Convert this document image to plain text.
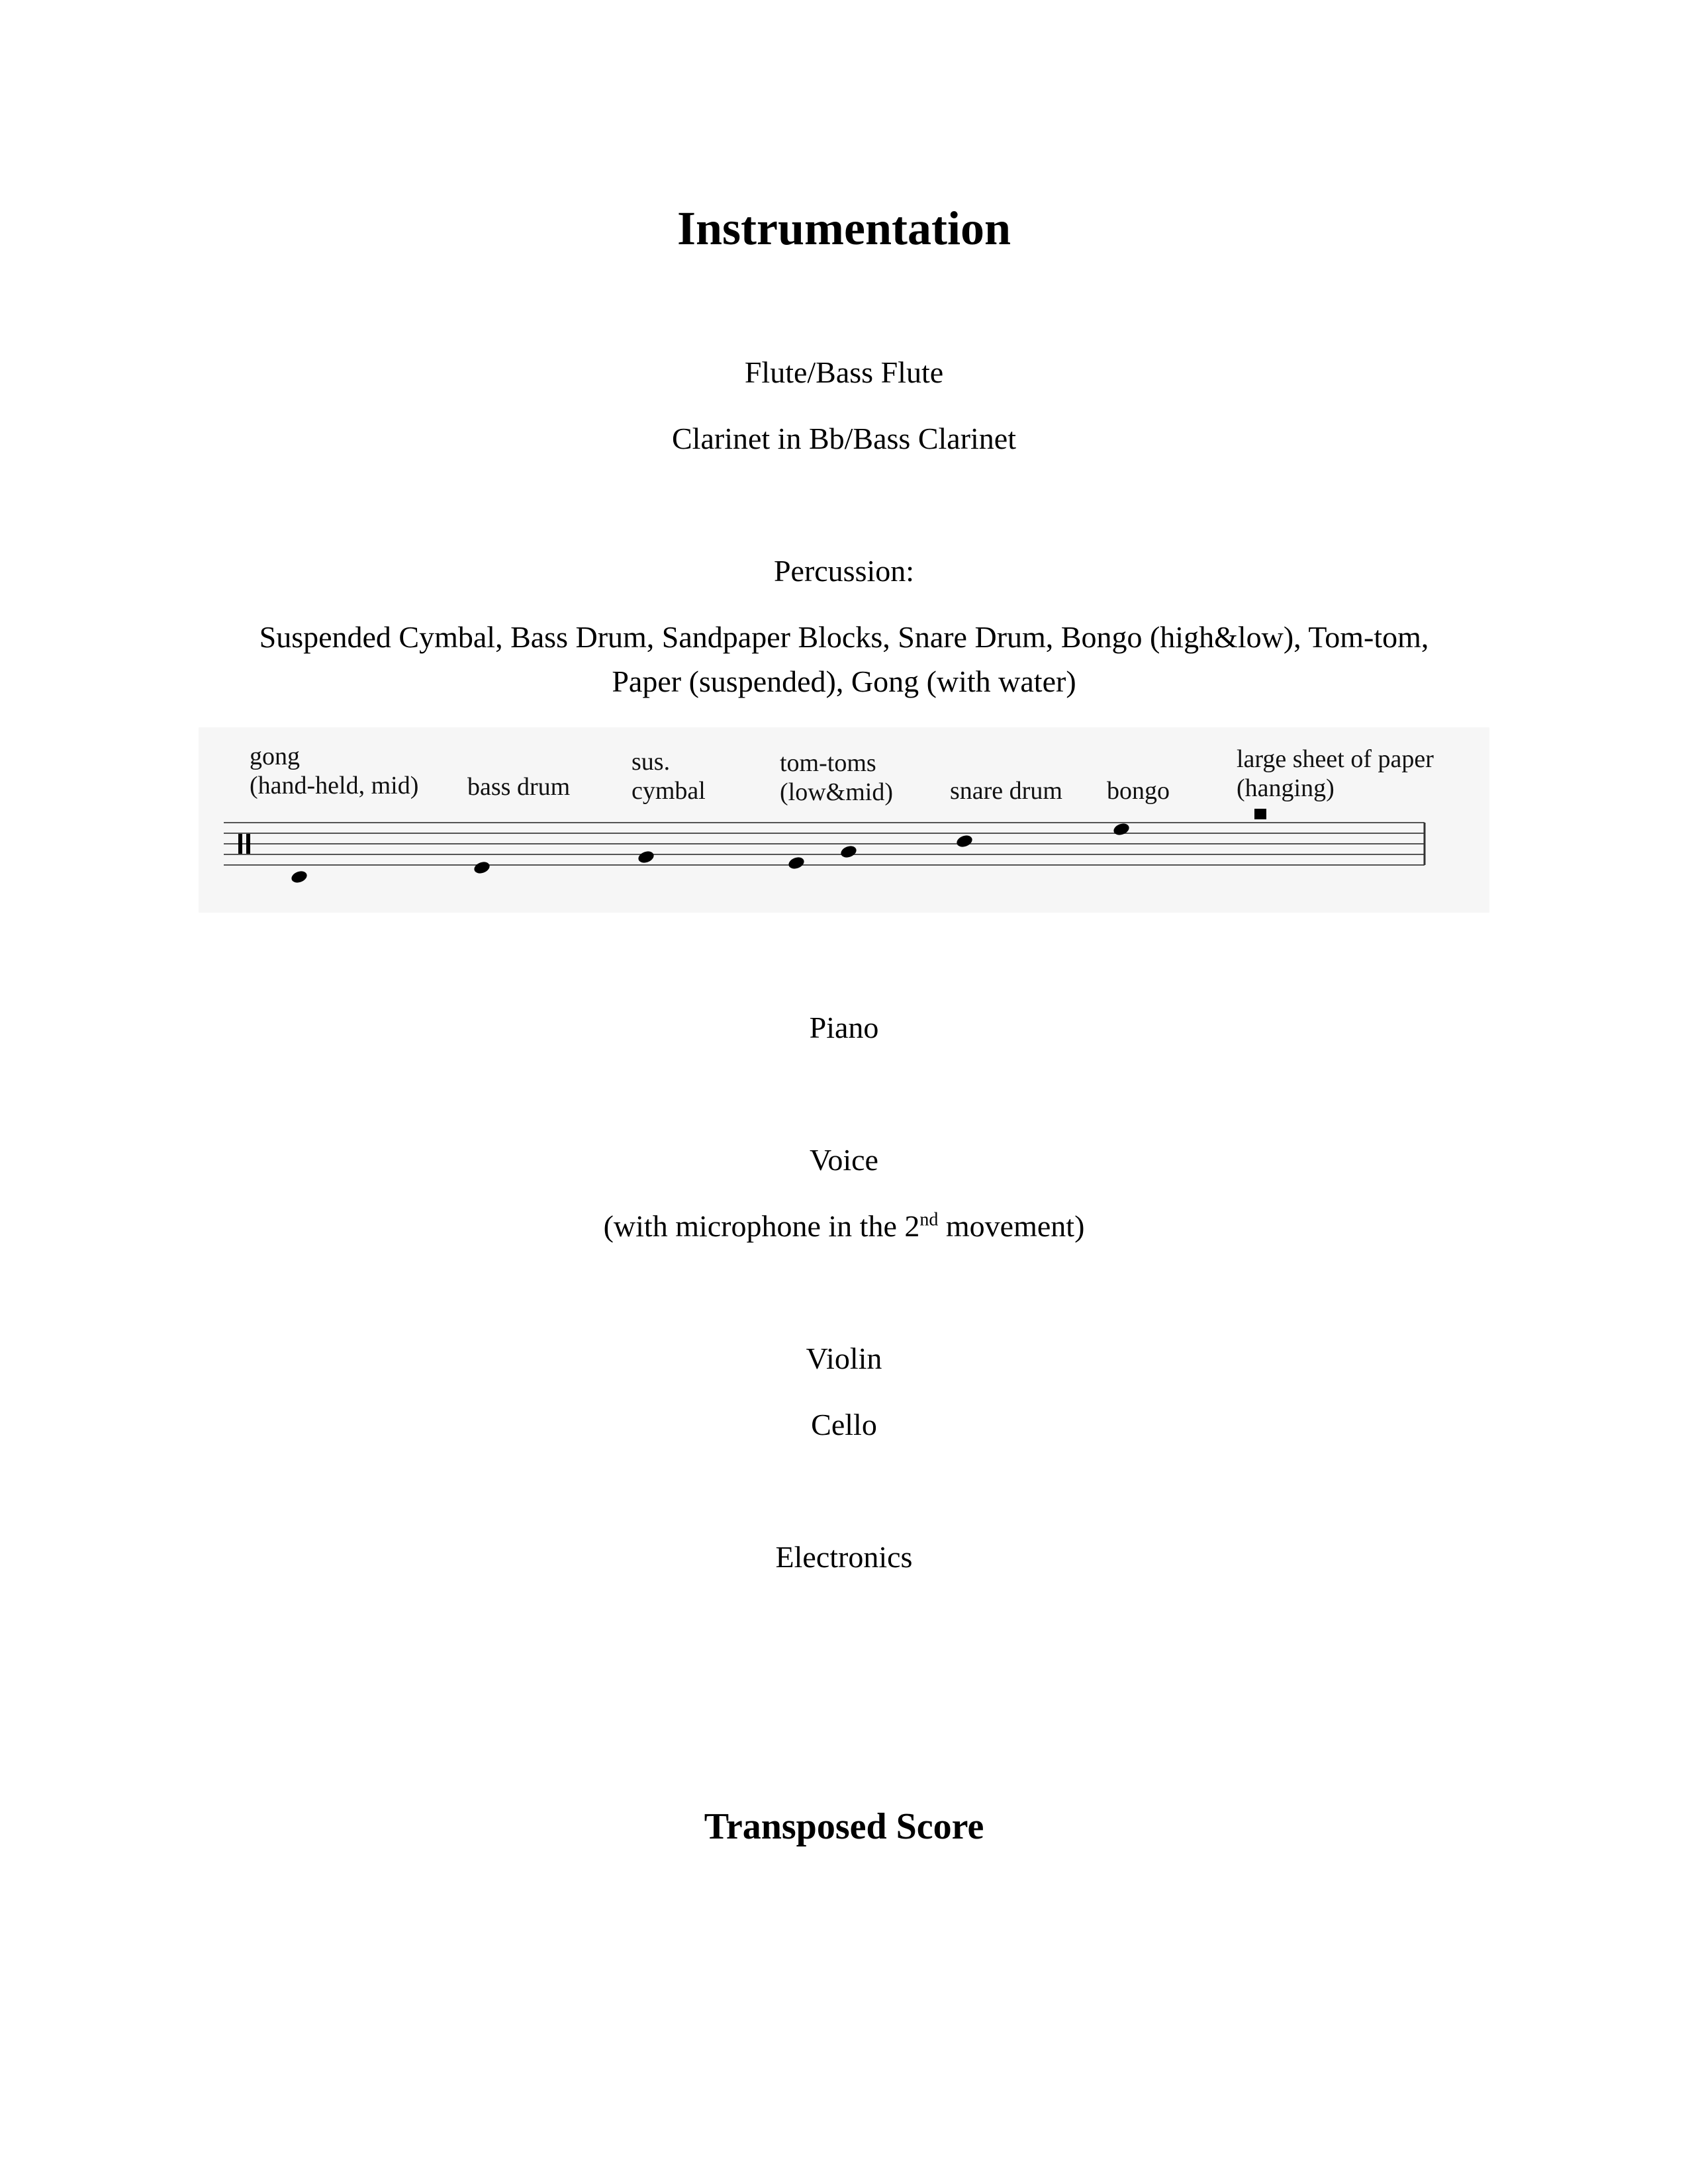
Instrumentation
Flute/Bass Flute
Clarinet in Bb/Bass Clarinet
Percussion:
Suspended Cymbal, Bass Drum, Sandpaper Blocks, Snare Drum, Bongo (high&low), Tom-tom,
Paper (suspended), Gong (with water)
gong
(hand-held, mid) bass drum
sus.
cymbal
tom-toms
(low&mid) snare drum bongo
large sheet of paper
(hanging)
Piano
Voice
(with microphone in the 2nd movement)
Violin
Cello
Electronics
Transposed Score
